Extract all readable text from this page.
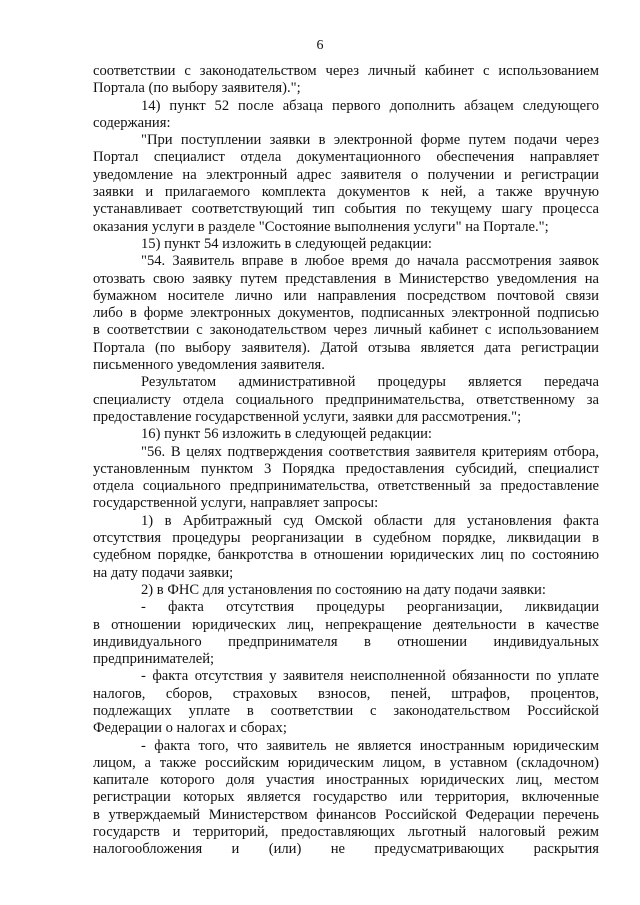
6
соответствии с законодательством через личный кабинет с использованием
Портала (по выбору заявителя).";
14) пункт 52 после абзаца первого дополнить абзацем следующего
содержания:
"При поступлении заявки в электронной форме путем подачи через
Портал специалист отдела документационного обеспечения направляет
уведомление на электронный адрес заявителя о получении и регистрации
заявки и прилагаемого комплекта документов к ней, а также вручную
устанавливает соответствующий тип события по текущему шагу процесса
оказания услуги в разделе "Состояние выполнения услуги" на Портале.";
15) пункт 54 изложить в следующей редакции:
"54. Заявитель вправе в любое время до начала рассмотрения заявок
отозвать свою заявку путем представления в Министерство уведомления на
бумажном носителе лично или направления посредством почтовой связи
либо в форме электронных документов, подписанных электронной подписью
в соответствии с законодательством через личный кабинет с использованием
Портала (по выбору заявителя). Датой отзыва является дата регистрации
письменного уведомления заявителя.
Результатом административной процедуры является передача
специалисту отдела социального предпринимательства, ответственному за
предоставление государственной услуги, заявки для рассмотрения.";
16) пункт 56 изложить в следующей редакции:
"56. В целях подтверждения соответствия заявителя критериям отбора,
установленным пунктом 3 Порядка предоставления субсидий, специалист
отдела социального предпринимательства, ответственный за предоставление
государственной услуги, направляет запросы:
1) в Арбитражный суд Омской области для установления факта
отсутствия процедуры реорганизации в судебном порядке, ликвидации в
судебном порядке, банкротства в отношении юридических лиц по состоянию
на дату подачи заявки;
2) в ФНС для установления по состоянию на дату подачи заявки:
- факта отсутствия процедуры реорганизации, ликвидации
в отношении юридических лиц, непрекращение деятельности в качестве
индивидуального предпринимателя в отношении индивидуальных
предпринимателей;
- факта отсутствия у заявителя неисполненной обязанности по уплате
налогов, сборов, страховых взносов, пеней, штрафов, процентов,
подлежащих уплате в соответствии с законодательством Российской
Федерации о налогах и сборах;
- факта того, что заявитель не является иностранным юридическим
лицом, а также российским юридическим лицом, в уставном (складочном)
капитале которого доля участия иностранных юридических лиц, местом
регистрации которых является государство или территория, включенные
в утверждаемый Министерством финансов Российской Федерации перечень
государств и территорий, предоставляющих льготный налоговый режим
налогообложения и (или) не предусматривающих раскрытия
